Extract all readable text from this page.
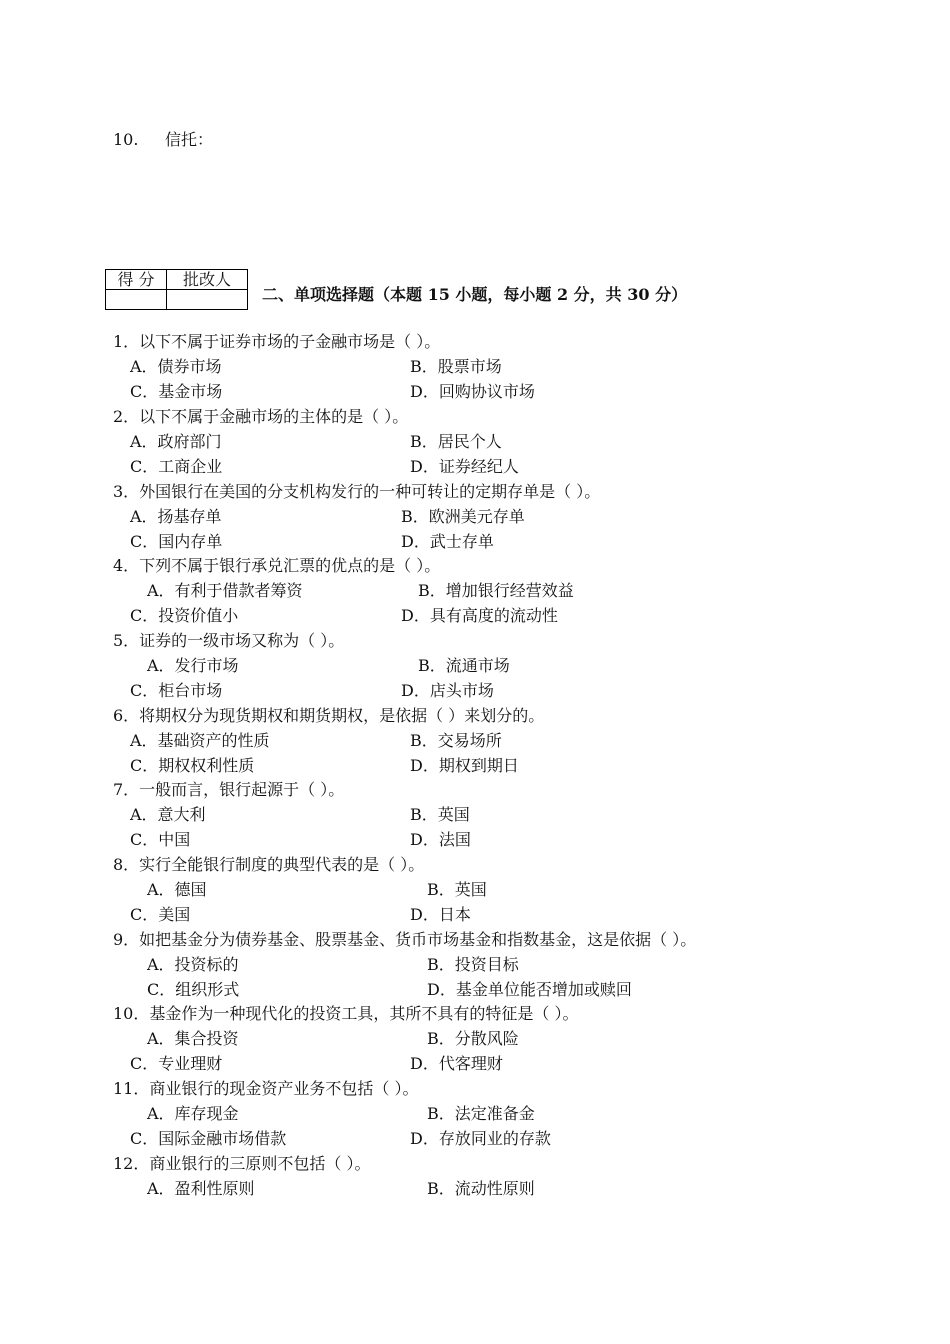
10. 信托：
得 分	批改人

二、单项选择题（本题 15 小题，每小题 2 分，共 30 分）
1．以下不属于证券市场的子金融市场是（ ）。
A．债券市场	B．股票市场
C．基金市场	D．回购协议市场
2．以下不属于金融市场的主体的是（ ）。
A．政府部门	B．居民个人
C．工商企业	D．证券经纪人
3．外国银行在美国的分支机构发行的一种可转让的定期存单是（ ）。
A．扬基存单	B．欧洲美元存单
C．国内存单	D．武士存单
4．下列不属于银行承兑汇票的优点的是（ ）。
A．有利于借款者筹资	B．增加银行经营效益
C．投资价值小	D．具有高度的流动性
5．证券的一级市场又称为（ ）。
A．发行市场	B．流通市场
C．柜台市场	D．店头市场
6．将期权分为现货期权和期货期权，是依据（ ）来划分的。
A．基础资产的性质	B．交易场所
C．期权权利性质	D．期权到期日
7．一般而言，银行起源于（ ）。
A．意大利	B．英国
C．中国	D．法国
8．实行全能银行制度的典型代表的是（ ）。
A．德国	B．英国
C．美国	D．日本
9．如把基金分为债券基金、股票基金、货币市场基金和指数基金，这是依据（ ）。
A．投资标的	B．投资目标
C．组织形式	D．基金单位能否增加或赎回
10．基金作为一种现代化的投资工具，其所不具有的特征是（ ）。
A．集合投资	B．分散风险
C．专业理财	D．代客理财
11．商业银行的现金资产业务不包括（ ）。
A．库存现金	B．法定准备金
C．国际金融市场借款	D．存放同业的存款
12．商业银行的三原则不包括（ ）。
A．盈利性原则	B．流动性原则
